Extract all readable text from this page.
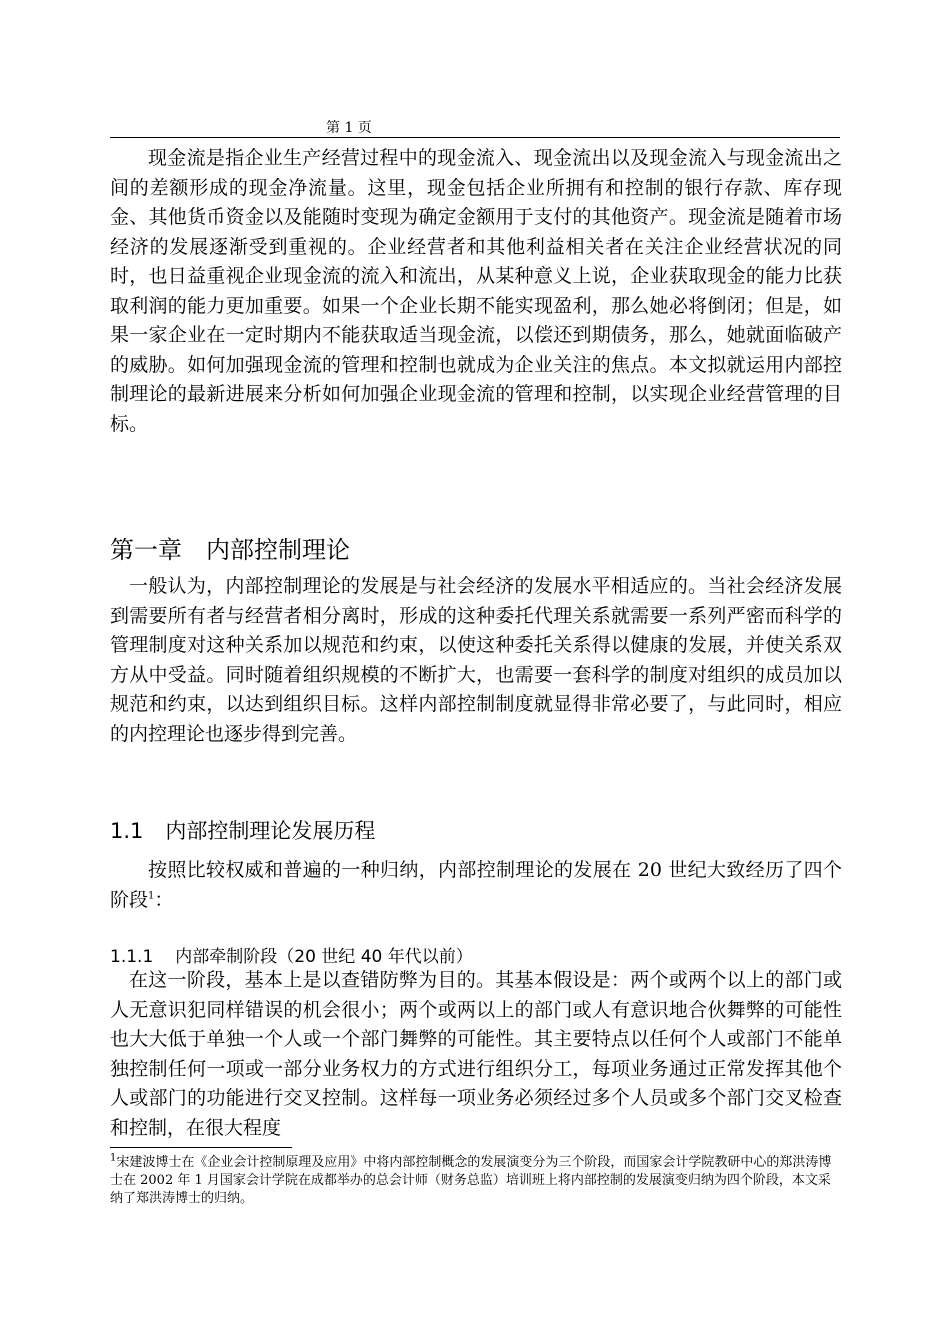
第 1 页

现金流是指企业生产经营过程中的现金流入、现金流出以及现金流入与现金流出之间的差额形成的现金净流量。这里，现金包括企业所拥有和控制的银行存款、库存现金、其他货币资金以及能随时变现为确定金额用于支付的其他资产。现金流是随着市场经济的发展逐渐受到重视的。企业经营者和其他利益相关者在关注企业经营状况的同时，也日益重视企业现金流的流入和流出，从某种意义上说，企业获取现金的能力比获取利润的能力更加重要。如果一个企业长期不能实现盈利，那么她必将倒闭；但是，如果一家企业在一定时期内不能获取适当现金流，以偿还到期债务，那么，她就面临破产的威胁。如何加强现金流的管理和控制也就成为企业关注的焦点。本文拟就运用内部控制理论的最新进展来分析如何加强企业现金流的管理和控制，以实现企业经营管理的目标。

第一章　内部控制理论

一般认为，内部控制理论的发展是与社会经济的发展水平相适应的。当社会经济发展到需要所有者与经营者相分离时，形成的这种委托代理关系就需要一系列严密而科学的管理制度对这种关系加以规范和约束，以使这种委托关系得以健康的发展，并使关系双方从中受益。同时随着组织规模的不断扩大，也需要一套科学的制度对组织的成员加以规范和约束，以达到组织目标。这样内部控制制度就显得非常必要了，与此同时，相应的内控理论也逐步得到完善。

1.1 内部控制理论发展历程

按照比较权威和普遍的一种归纳，内部控制理论的发展在 20 世纪大致经历了四个阶段$^1$：

1.1.1 内部牵制阶段（20 世纪 40 年代以前）

在这一阶段，基本上是以查错防弊为目的。其基本假设是：两个或两个以上的部门或人无意识犯同样错误的机会很小；两个或两以上的部门或人有意识地合伙舞弊的可能性也大大低于单独一个人或一个部门舞弊的可能性。其主要特点以任何个人或部门不能单独控制任何一项或一部分业务权力的方式进行组织分工，每项业务通过正常发挥其他个人或部门的功能进行交叉控制。这样每一项业务必须经过多个人员或多个部门交叉检查和控制，在很大程度

$^1$宋建波博士在《企业会计控制原理及应用》中将内部控制概念的发展演变分为三个阶段，而国家会计学院教研中心的郑洪涛博士在 2002 年 1 月国家会计学院在成都举办的总会计师（财务总监）培训班上将内部控制的发展演变归纳为四个阶段，本文采纳了郑洪涛博士的归纳。
